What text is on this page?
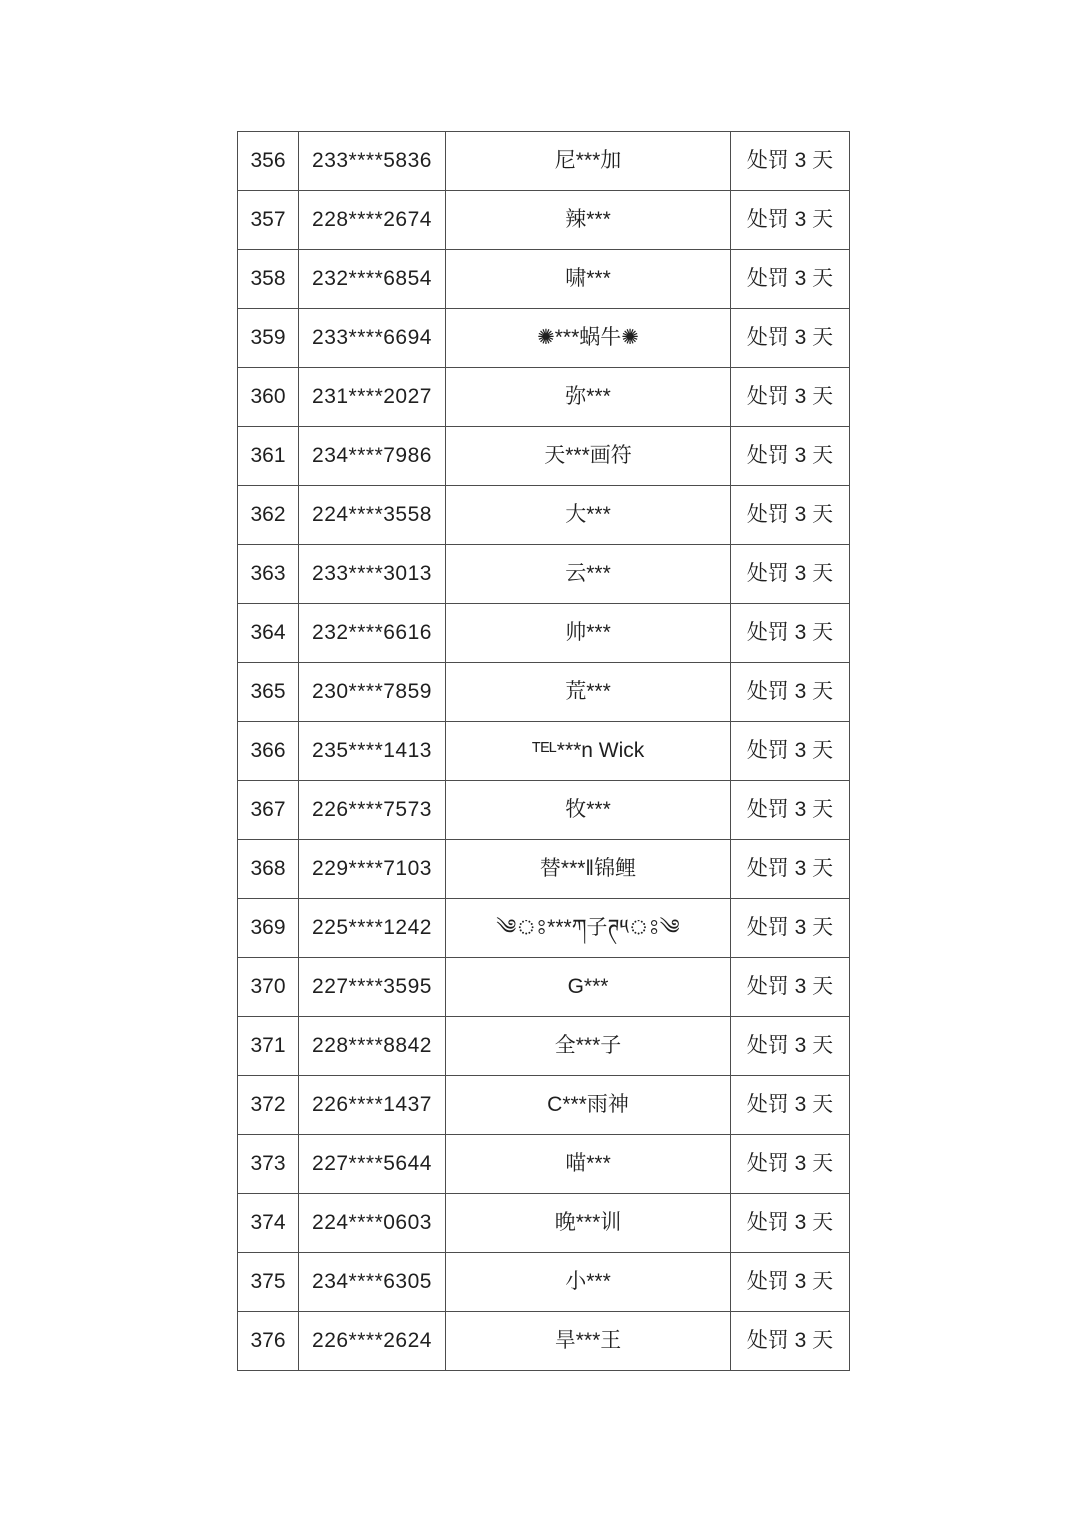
356	233****5836	尼***加	处罚 3 天
357	228****2674	辣***	处罚 3 天
358	232****6854	啸***	处罚 3 天
359	233****6694	✺***蜗牛✺	处罚 3 天
360	231****2027	弥***	处罚 3 天
361	234****7986	天***画符	处罚 3 天
362	224****3558	大***	处罚 3 天
363	233****3013	云***	处罚 3 天
364	232****6616	帅***	处罚 3 天
365	230****7859	荒***	处罚 3 天
366	235****1413	ᵀᴱᴸ***n Wick	处罚 3 天
367	226****7573	牧***	处罚 3 天
368	229****7103	替***‖锦鲤	处罚 3 天
369	225****1242	༄ঃ***ཀ子ཊ༥ঃ༄	处罚 3 天
370	227****3595	G***	处罚 3 天
371	228****8842	全***子	处罚 3 天
372	226****1437	C***雨神	处罚 3 天
373	227****5644	喵***	处罚 3 天
374	224****0603	晚***训	处罚 3 天
375	234****6305	小***	处罚 3 天
376	226****2624	旱***王	处罚 3 天
